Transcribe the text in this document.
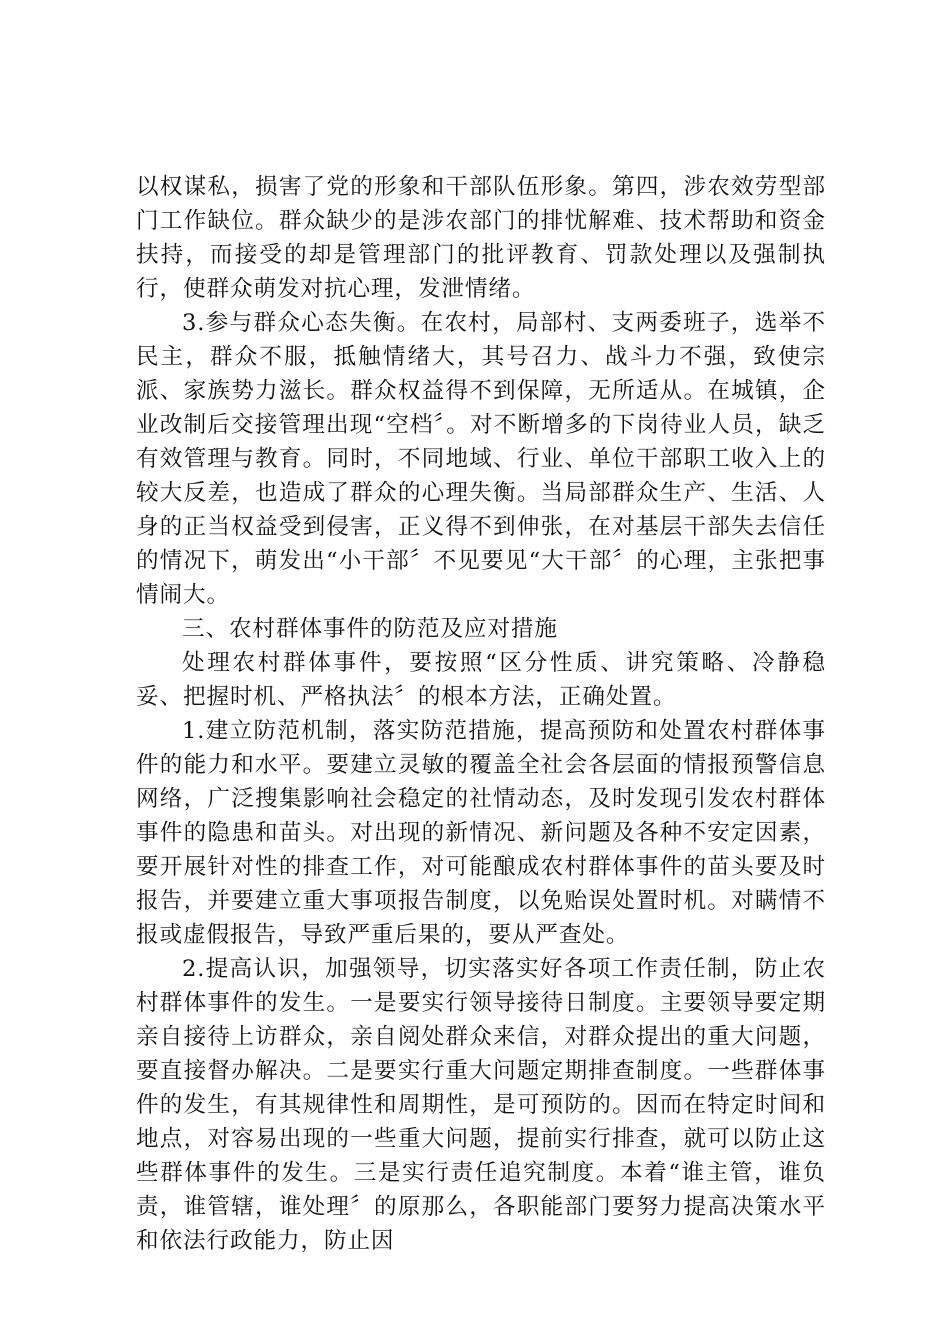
以权谋私，损害了党的形象和干部队伍形象。第四，涉农效劳型部门工作缺位。群众缺少的是涉农部门的排忧解难、技术帮助和资金扶持，而接受的却是管理部门的批评教育、罚款处理以及强制执行，使群众萌发对抗心理，发泄情绪。

3.参与群众心态失衡。在农村，局部村、支两委班子，选举不民主，群众不服，抵触情绪大，其号召力、战斗力不强，致使宗派、家族势力滋长。群众权益得不到保障，无所适从。在城镇，企业改制后交接管理出现“空档〞。对不断增多的下岗待业人员，缺乏有效管理与教育。同时，不同地域、行业、单位干部职工收入上的较大反差，也造成了群众的心理失衡。当局部群众生产、生活、人身的正当权益受到侵害，正义得不到伸张，在对基层干部失去信任的情况下，萌发出“小干部〞不见要见“大干部〞的心理，主张把事情闹大。

三、农村群体事件的防范及应对措施

处理农村群体事件，要按照“区分性质、讲究策略、冷静稳妥、把握时机、严格执法〞的根本方法，正确处置。

1.建立防范机制，落实防范措施，提高预防和处置农村群体事件的能力和水平。要建立灵敏的覆盖全社会各层面的情报预警信息网络，广泛搜集影响社会稳定的社情动态，及时发现引发农村群体事件的隐患和苗头。对出现的新情况、新问题及各种不安定因素，要开展针对性的排查工作，对可能酿成农村群体事件的苗头要及时报告，并要建立重大事项报告制度，以免贻误处置时机。对瞒情不报或虚假报告，导致严重后果的，要从严查处。

2.提高认识，加强领导，切实落实好各项工作责任制，防止农村群体事件的发生。一是要实行领导接待日制度。主要领导要定期亲自接待上访群众，亲自阅处群众来信，对群众提出的重大问题，要直接督办解决。二是要实行重大问题定期排查制度。一些群体事件的发生，有其规律性和周期性，是可预防的。因而在特定时间和地点，对容易出现的一些重大问题，提前实行排查，就可以防止这些群体事件的发生。三是实行责任追究制度。本着“谁主管，谁负责，谁管辖，谁处理〞的原那么，各职能部门要努力提高决策水平和依法行政能力，防止因
